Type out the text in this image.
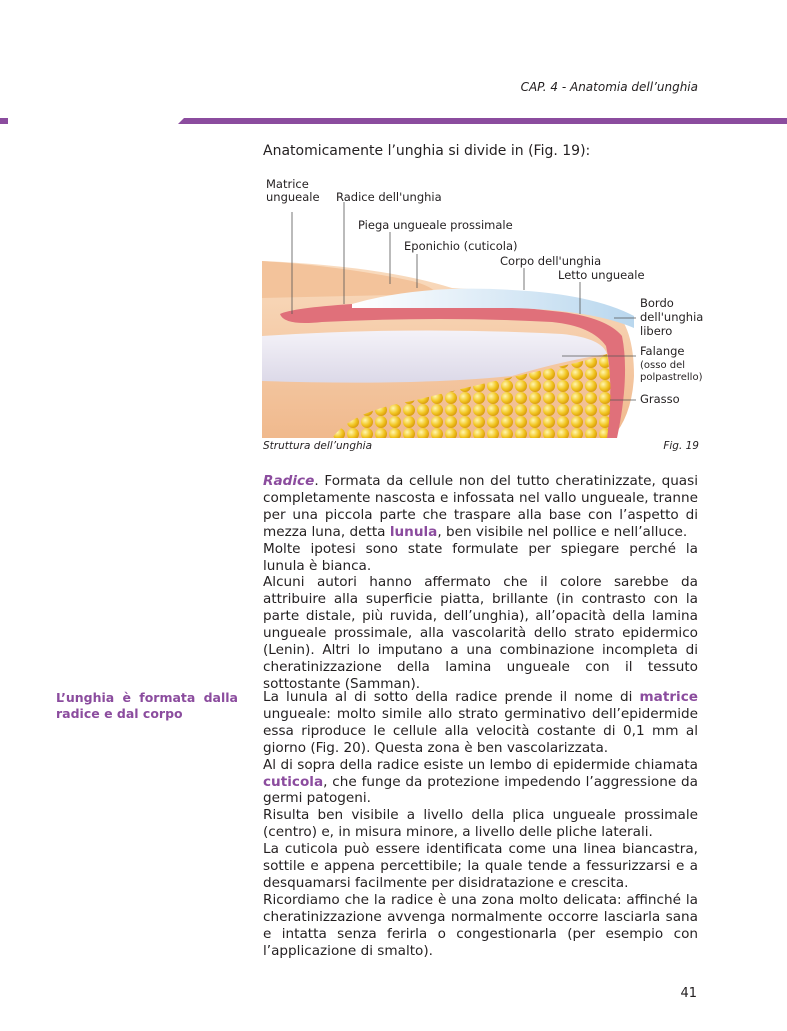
CAP. 4 - Anatomia dell’unghia
Anatomicamente l’unghia si divide in (Fig. 19):
Matrice
ungueale Radice dell'unghia
Piega ungueale prossimale
Eponichio (cuticola)
Corpo dell'unghia
Letto ungueale
Bordo
dell'unghia
libero
Falange
(osso del
polpastrello)
Grasso
Struttura dell’unghia	Fig. 19

Radice. Formata da cellule non del tutto cheratinizzate, quasi completamente nascosta e infossata nel vallo ungueale, tranne per una piccola parte che traspare alla base con l’aspetto di mezza luna, detta lunula, ben visibile nel pollice e nell’alluce.

Molte ipotesi sono state formulate per spiegare perché la lunula è bianca.

Alcuni autori hanno affermato che il colore sarebbe da attribuire alla superficie piatta, brillante (in contrasto con la parte distale, più ruvida, dell’unghia), all’opacità della lamina ungueale prossimale, alla vascolarità dello strato epidermico (Lenin). Altri lo imputano a una combinazione incompleta di cheratinizzazione della lamina ungueale con il tessuto sottostante (Samman).

L’unghia è formata dalla
radice e dal corpo

La lunula al di sotto della radice prende il nome di matrice ungueale: molto simile allo strato germinativo dell’epidermide essa riproduce le cellule alla velocità costante di 0,1 mm al giorno (Fig. 20). Questa zona è ben vascolarizzata.

Al di sopra della radice esiste un lembo di epidermide chiamata cuticola, che funge da protezione impedendo l’aggressione da germi patogeni.

Risulta ben visibile a livello della plica ungueale prossimale (centro) e, in misura minore, a livello delle pliche laterali.

La cuticola può essere identificata come una linea biancastra, sottile e appena percettibile; la quale tende a fessurizzarsi e a desquamarsi facilmente per disidratazione e crescita.

Ricordiamo che la radice è una zona molto delicata: affinché la cheratinizzazione avvenga normalmente occorre lasciarla sana e intatta senza ferirla o congestionarla (per esempio con l’applicazione di smalto).

41
